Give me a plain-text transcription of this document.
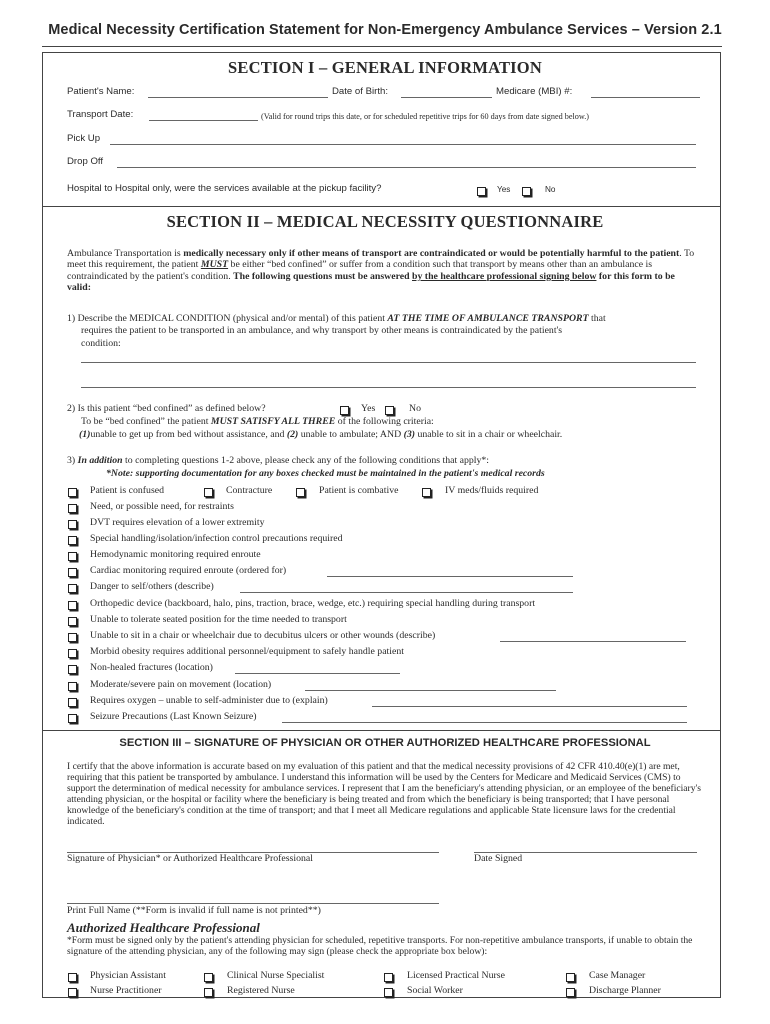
Medical Necessity Certification Statement for Non-Emergency Ambulance Services – Version 2.1
SECTION I – GENERAL INFORMATION
Patient's Name:	Date of Birth:	Medicare (MBI) #:
Transport Date:	(Valid for round trips this date, or for scheduled repetitive trips for 60 days from date signed below.)
Pick Up
Drop Off
Hospital to Hospital only, were the services available at the pickup facility?	Yes	No
SECTION II – MEDICAL NECESSITY QUESTIONNAIRE
Ambulance Transportation is medically necessary only if other means of transport are contraindicated or would be potentially harmful to the patient. To meet this requirement, the patient MUST be either “bed confined” or suffer from a condition such that transport by means other than an ambulance is contraindicated by the patient's condition. The following questions must be answered by the healthcare professional signing below for this form to be valid:
1) Describe the MEDICAL CONDITION (physical and/or mental) of this patient AT THE TIME OF AMBULANCE TRANSPORT that
requires the patient to be transported in an ambulance, and why transport by other means is contraindicated by the patient's
condition:
2) Is this patient “bed confined” as defined below?	Yes	No
To be “bed confined” the patient MUST SATISFY ALL THREE of the following criteria:
(1)unable to get up from bed without assistance, and (2) unable to ambulate; AND (3) unable to sit in a chair or wheelchair.
3) In addition to completing questions 1-2 above, please check any of the following conditions that apply*:
*Note: supporting documentation for any boxes checked must be maintained in the patient's medical records
Patient is confused	Contracture	Patient is combative	IV meds/fluids required
Need, or possible need, for restraints
DVT requires elevation of a lower extremity
Special handling/isolation/infection control precautions required
Hemodynamic monitoring required enroute
Cardiac monitoring required enroute (ordered for)
Danger to self/others (describe)
Orthopedic device (backboard, halo, pins, traction, brace, wedge, etc.) requiring special handling during transport
Unable to tolerate seated position for the time needed to transport
Unable to sit in a chair or wheelchair due to decubitus ulcers or other wounds (describe)
Morbid obesity requires additional personnel/equipment to safely handle patient
Non-healed fractures (location)
Moderate/severe pain on movement (location)
Requires oxygen – unable to self-administer due to (explain)
Seizure Precautions (Last Known Seizure)
SECTION III – SIGNATURE OF PHYSICIAN OR OTHER AUTHORIZED HEALTHCARE PROFESSIONAL
I certify that the above information is accurate based on my evaluation of this patient and that the medical necessity provisions of 42 CFR 410.40(e)(1) are met, requiring that this patient be transported by ambulance. I understand this information will be used by the Centers for Medicare and Medicaid Services (CMS) to support the determination of medical necessity for ambulance services. I represent that I am the beneficiary's attending physician, or an employee of the beneficiary's attending physician, or the hospital or facility where the beneficiary is being treated and from which the beneficiary is being transported; that I have personal knowledge of the beneficiary's condition at the time of transport; and that I meet all Medicare regulations and applicable State licensure laws for the credential indicated.
Signature of Physician* or Authorized Healthcare Professional	Date Signed
Print Full Name (**Form is invalid if full name is not printed**)
Authorized Healthcare Professional
*Form must be signed only by the patient's attending physician for scheduled, repetitive transports. For non-repetitive ambulance transports, if unable to obtain the signature of the attending physician, any of the following may sign (please check the appropriate box below):
Physician Assistant	Clinical Nurse Specialist	Licensed Practical Nurse	Case Manager
Nurse Practitioner	Registered Nurse	Social Worker	Discharge Planner
